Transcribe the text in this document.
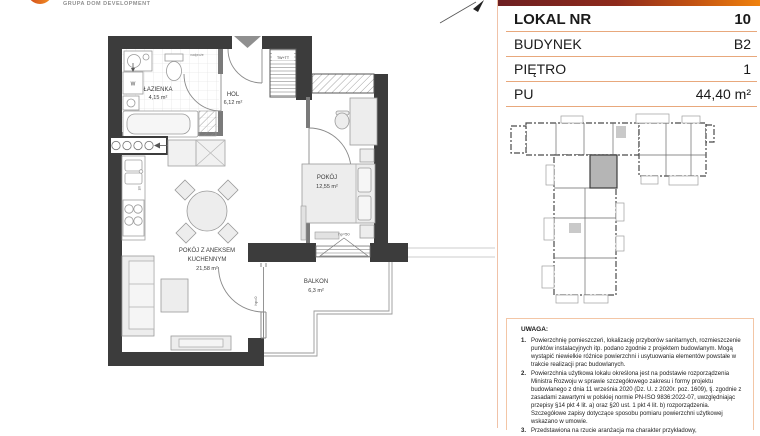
GRUPA DOM DEVELOPMENT
TW+TT
ŁAZIENKA
4,15 m²	HOL
6,12 m²
POKÓJ
12,55 m²
POKÓJ Z ANEKSEM
KUCHENNYM
21,58 m²
BALKON
6,3 m²
nadproże
hp=50
hp=0
W
zm
LOKAL NR	10
BUDYNEK	B2
PIĘTRO	1
PU	44,40 m²
UWAGA:
1. Powierzchnię pomieszczeń, lokalizację przyborów sanitarnych, rozmieszczenie punktów instalacyjnych itp. podano zgodnie z projektem budowlanym. Mogą wystąpić niewielkie różnice powierzchni i usytuowania elementów powstałe w trakcie realizacji prac budowlanych.
2. Powierzchnia użytkowa lokalu określona jest na podstawie rozporządzenia Ministra Rozwoju w sprawie szczegółowego zakresu i formy projektu budowlanego z dnia 11 września 2020 (Dz. U. z 2020r. poz. 1609), tj. zgodnie z zasadami zawartymi w polskiej normie PN-ISO 9836:2022-07, uwzględniając przepisy §14 pkt 4 lit. a) oraz §20 ust. 1 pkt 4 lit. b) rozporządzenia. Szczegółowe zapisy dotyczące sposobu pomiaru powierzchni użytkowej wskazano w umowie.
3. Przedstawiona na rzucie aranżacja ma charakter przykładowy,
